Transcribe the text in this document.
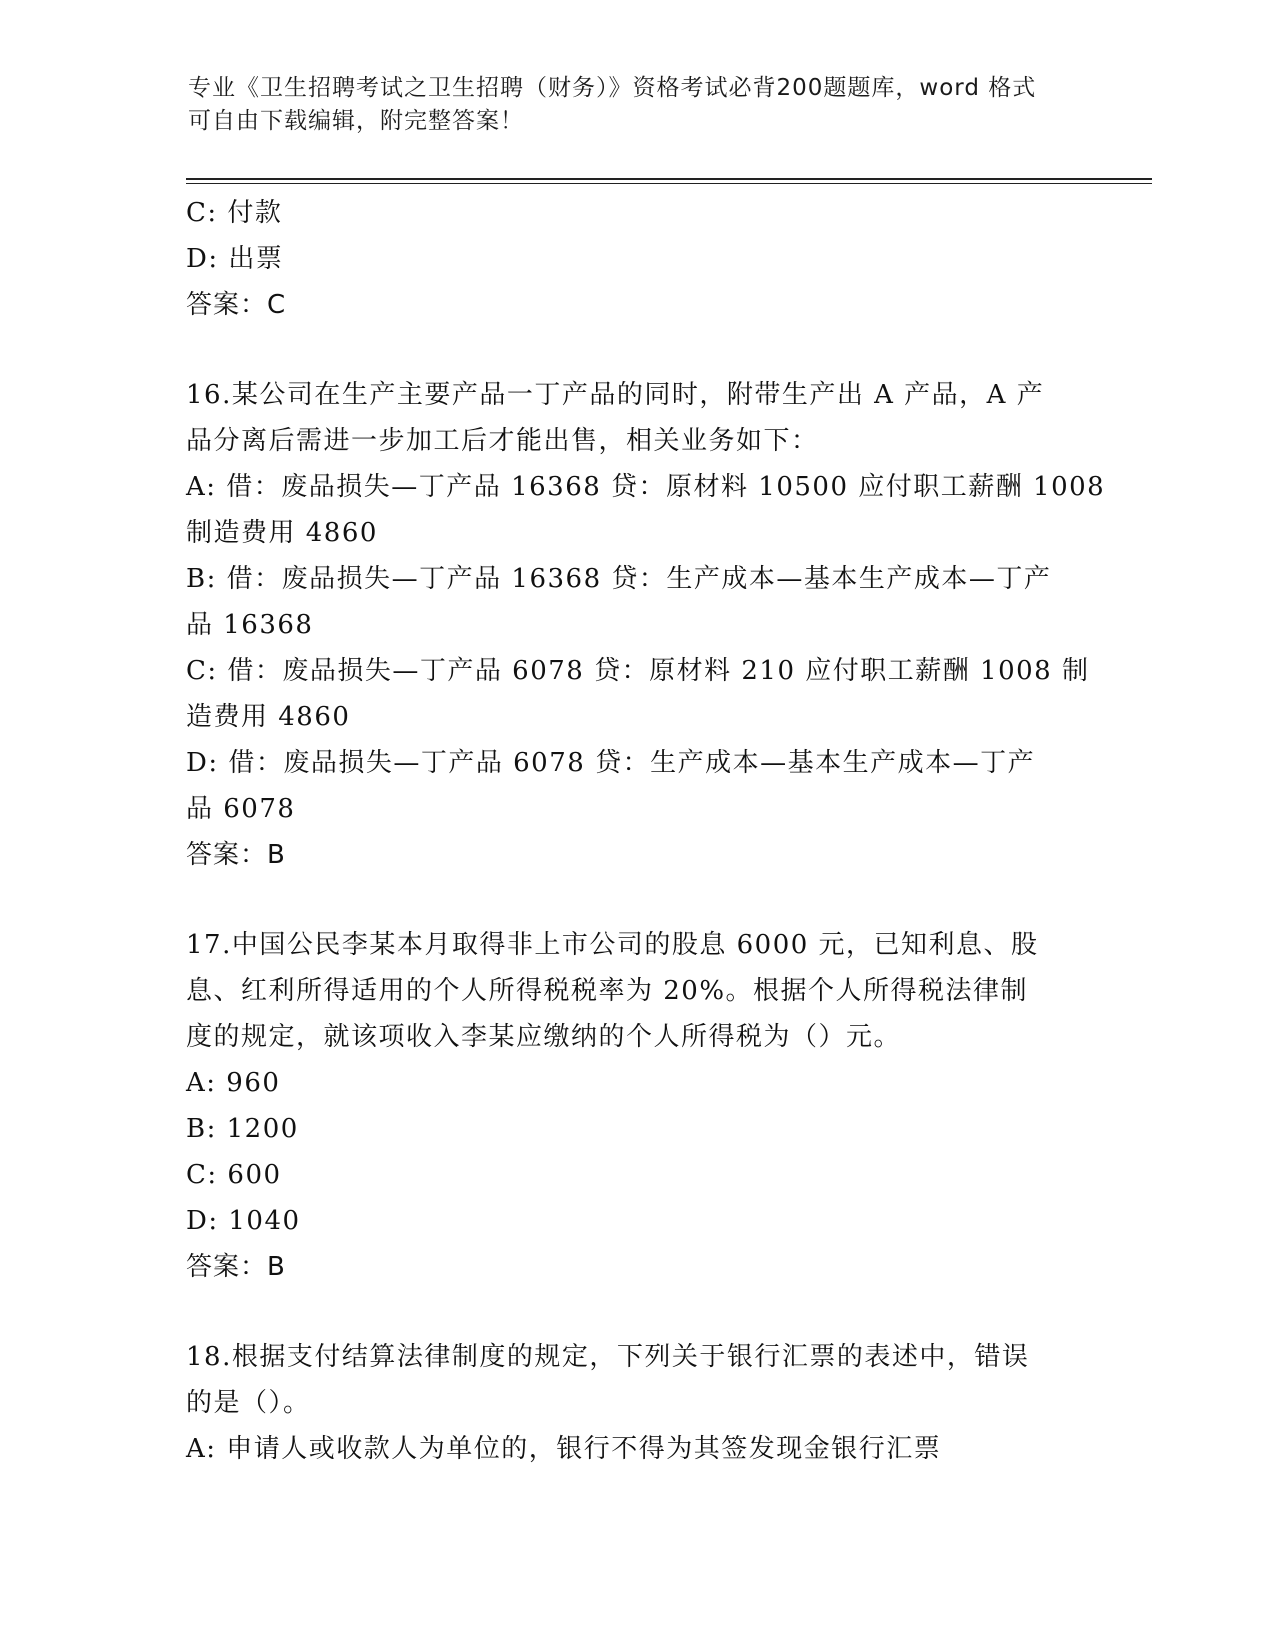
专业《卫生招聘考试之卫生招聘（财务）》资格考试必背200题题库，word 格式
可自由下载编辑，附完整答案！
C: 付款
D: 出票
答案：C
16.某公司在生产主要产品一丁产品的同时，附带生产出 A 产品，A 产
品分离后需进一步加工后才能出售，相关业务如下：
A: 借：废品损失—丁产品 16368 贷：原材料 10500 应付职工薪酬 1008
制造费用 4860
B: 借：废品损失—丁产品 16368 贷：生产成本—基本生产成本—丁产
品 16368
C: 借：废品损失—丁产品 6078 贷：原材料 210 应付职工薪酬 1008 制
造费用 4860
D: 借：废品损失—丁产品 6078 贷：生产成本—基本生产成本—丁产
品 6078
答案：B
17.中国公民李某本月取得非上市公司的股息 6000 元，已知利息、股
息、红利所得适用的个人所得税税率为 20%。根据个人所得税法律制
度的规定，就该项收入李某应缴纳的个人所得税为（）元。
A: 960
B: 1200
C: 600
D: 1040
答案：B
18.根据支付结算法律制度的规定，下列关于银行汇票的表述中，错误
的是（）。
A: 申请人或收款人为单位的，银行不得为其签发现金银行汇票
